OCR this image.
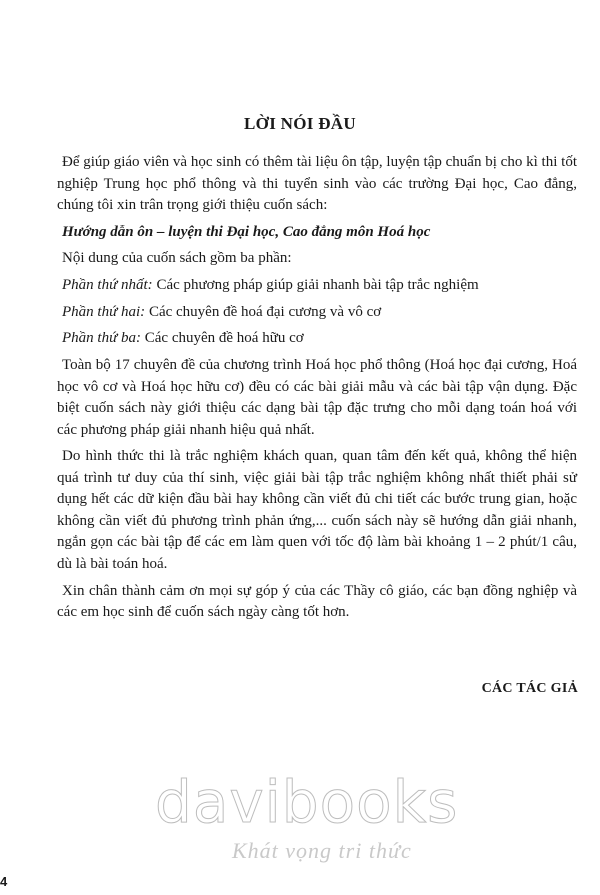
LỜI NÓI ĐẦU

Để giúp giáo viên và học sinh có thêm tài liệu ôn tập, luyện tập chuẩn bị cho kì thi tốt nghiệp Trung học phổ thông và thi tuyển sinh vào các trường Đại học, Cao đẳng, chúng tôi xin trân trọng giới thiệu cuốn sách:

Hướng dẫn ôn – luyện thi Đại học, Cao đẳng môn Hoá học

Nội dung của cuốn sách gồm ba phần:

Phần thứ nhất: Các phương pháp giúp giải nhanh bài tập trắc nghiệm

Phần thứ hai: Các chuyên đề hoá đại cương và vô cơ

Phần thứ ba: Các chuyên đề hoá hữu cơ

Toàn bộ 17 chuyên đề của chương trình Hoá học phổ thông (Hoá học đại cương, Hoá học vô cơ và Hoá học hữu cơ) đều có các bài giải mẫu và các bài tập vận dụng. Đặc biệt cuốn sách này giới thiệu các dạng bài tập đặc trưng cho mỗi dạng toán hoá với các phương pháp giải nhanh hiệu quả nhất.

Do hình thức thi là trắc nghiệm khách quan, quan tâm đến kết quả, không thể hiện quá trình tư duy của thí sinh, việc giải bài tập trắc nghiệm không nhất thiết phải sử dụng hết các dữ kiện đầu bài hay không cần viết đủ chi tiết các bước trung gian, hoặc không cần viết đủ phương trình phản ứng,... cuốn sách này sẽ hướng dẫn giải nhanh, ngắn gọn các bài tập để các em làm quen với tốc độ làm bài khoảng 1 – 2 phút/1 câu, dù là bài toán hoá.

Xin chân thành cảm ơn mọi sự góp ý của các Thầy cô giáo, các bạn đồng nghiệp và các em học sinh để cuốn sách ngày càng tốt hơn.

CÁC TÁC GIẢ
davibooks
Khát vọng tri thức
4
